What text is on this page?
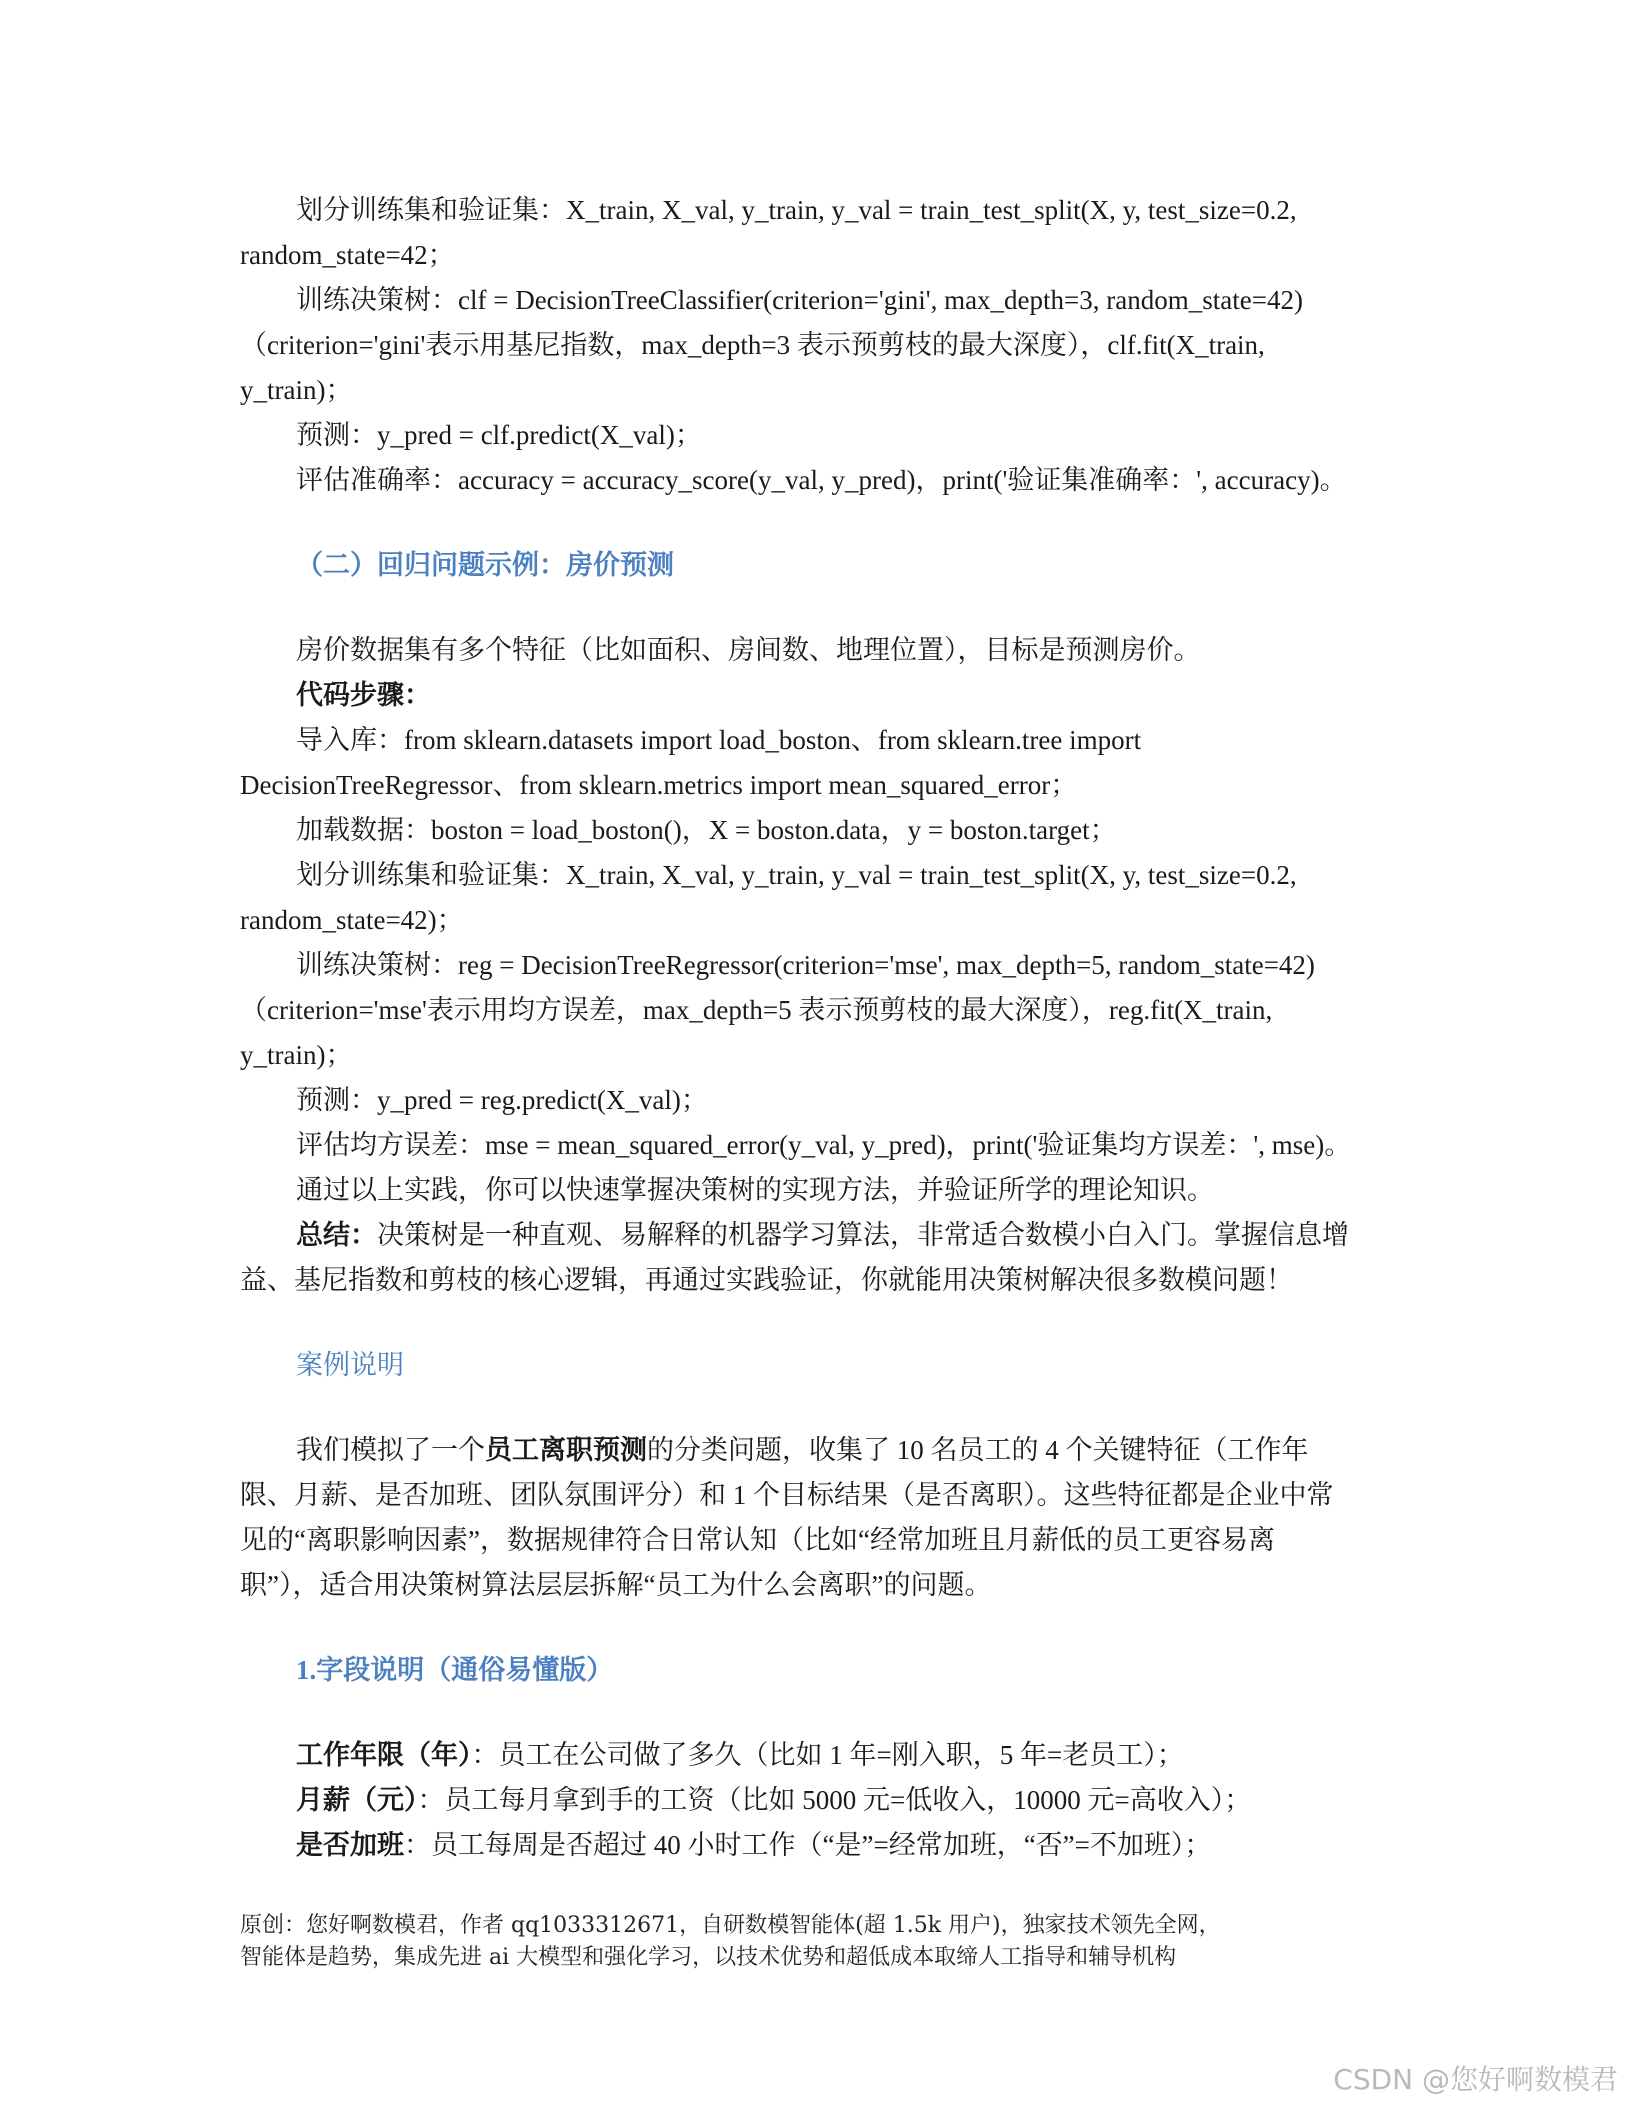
划分训练集和验证集：X_train, X_val, y_train, y_val = train_test_split(X, y, test_size=0.2,
random_state=42；
训练决策树：clf = DecisionTreeClassifier(criterion='gini', max_depth=3, random_state=42)
（criterion='gini'表示用基尼指数，max_depth=3 表示预剪枝的最大深度），clf.fit(X_train,
y_train)；
预测：y_pred = clf.predict(X_val)；
评估准确率：accuracy = accuracy_score(y_val, y_pred)，print('验证集准确率：', accuracy)。
（二）回归问题示例：房价预测
房价数据集有多个特征（比如面积、房间数、地理位置），目标是预测房价。
代码步骤：
导入库：from sklearn.datasets import load_boston、from sklearn.tree import
DecisionTreeRegressor、from sklearn.metrics import mean_squared_error；
加载数据：boston = load_boston()，X = boston.data，y = boston.target；
划分训练集和验证集：X_train, X_val, y_train, y_val = train_test_split(X, y, test_size=0.2,
random_state=42)；
训练决策树：reg = DecisionTreeRegressor(criterion='mse', max_depth=5, random_state=42)
（criterion='mse'表示用均方误差，max_depth=5 表示预剪枝的最大深度），reg.fit(X_train,
y_train)；
预测：y_pred = reg.predict(X_val)；
评估均方误差：mse = mean_squared_error(y_val, y_pred)，print('验证集均方误差：', mse)。
通过以上实践，你可以快速掌握决策树的实现方法，并验证所学的理论知识。
总结：决策树是一种直观、易解释的机器学习算法，非常适合数模小白入门。掌握信息增
益、基尼指数和剪枝的核心逻辑，再通过实践验证，你就能用决策树解决很多数模问题！
案例说明
我们模拟了一个员工离职预测的分类问题，收集了 10 名员工的 4 个关键特征（工作年
限、月薪、是否加班、团队氛围评分）和 1 个目标结果（是否离职）。这些特征都是企业中常
见的“离职影响因素”，数据规律符合日常认知（比如“经常加班且月薪低的员工更容易离
职”），适合用决策树算法层层拆解“员工为什么会离职”的问题。
1.字段说明（通俗易懂版）
工作年限（年）：员工在公司做了多久（比如 1 年=刚入职，5 年=老员工）；
月薪（元）：员工每月拿到手的工资（比如 5000 元=低收入，10000 元=高收入）；
是否加班：员工每周是否超过 40 小时工作（“是”=经常加班，“否”=不加班）；
原创：您好啊数模君，作者 qq1033312671，自研数模智能体(超 1.5k 用户)，独家技术领先全网，
智能体是趋势，集成先进 ai 大模型和强化学习，以技术优势和超低成本取缔人工指导和辅导机构
CSDN @您好啊数模君
